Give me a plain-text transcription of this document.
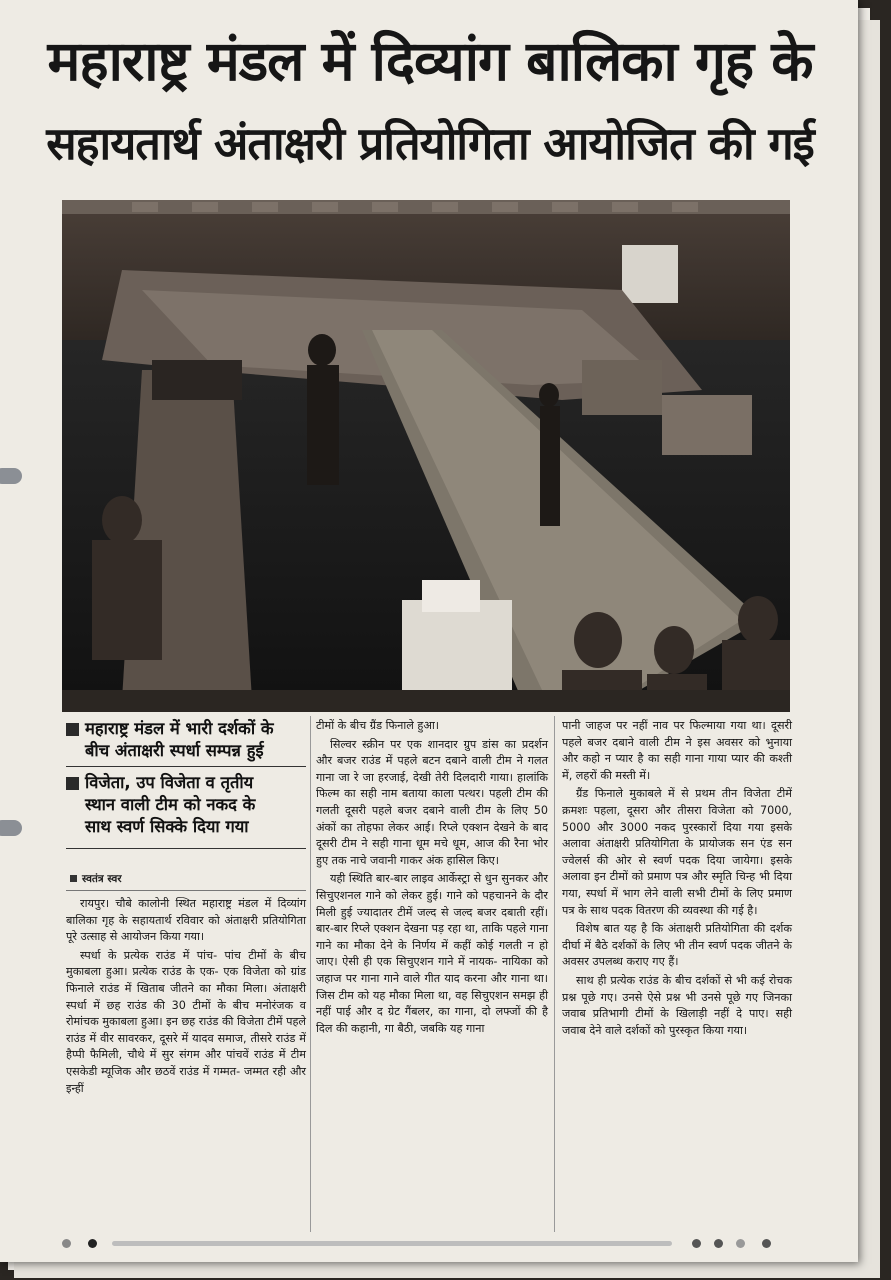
महाराष्ट्र मंडल में दिव्यांग बालिका गृह के
सहायतार्थ अंताक्षरी प्रतियोगिता आयोजित की गई
महाराष्ट्र मंडल में भारी दर्शकों के
बीच अंताक्षरी स्पर्धा सम्पन्न हुई
विजेता, उप विजेता व तृतीय
स्थान वाली टीम को नकद के
साथ स्वर्ण सिक्के दिया गया
स्वतंत्र स्वर

रायपुर। चौबे कालोनी स्थित महाराष्ट्र मंडल में दिव्यांग बालिका गृह के सहायतार्थ रविवार को अंताक्षरी प्रतियोगिता पूरे उत्साह से आयोजन किया गया।

स्पर्धा के प्रत्येक राउंड में पांच- पांच टीमों के बीच मुकाबला हुआ। प्रत्येक राउंड के एक- एक विजेता को ग्रांड फिनाले राउंड में खिताब जीतने का मौका मिला। अंताक्षरी स्पर्धा में छह राउंड की 30 टीमों के बीच मनोरंजक व रोमांचक मुकाबला हुआ। इन छह राउंड की विजेता टीमें पहले राउंड में वीर सावरकर, दूसरे में यादव समाज, तीसरे राउंड में हैप्पी फैमिली, चौथे में सुर संगम और पांचवें राउंड में टीम एसकेडी म्यूजिक और छठवें राउंड में गम्मत- जम्मत रही और इन्हीं

टीमों के बीच ग्रैंड फिनाले हुआ।

सिल्वर स्क्रीन पर एक शानदार ग्रुप डांस का प्रदर्शन और बजर राउंड में पहले बटन दबाने वाली टीम ने गलत गाना जा रे जा हरजाई, देखी तेरी दिलदारी गाया। हालांकि फिल्म का सही नाम बताया काला पत्थर। पहली टीम की गलती दूसरी पहले बजर दबाने वाली टीम के लिए 50 अंकों का तोहफा लेकर आई। रिप्ले एक्शन देखने के बाद दूसरी टीम ने सही गाना धूम मचे धूम, आज की रैना भोर हुए तक नाचे जवानी गाकर अंक हासिल किए।

यही स्थिति बार-बार लाइव आर्केस्ट्रा से धुन सुनकर और सिचुएशनल गाने को लेकर हुई। गाने को पहचानने के दौर मिली हुई ज्यादातर टीमें जल्द से जल्द बजर दबाती रहीं। बार-बार रिप्ले एक्शन देखना पड़ रहा था, ताकि पहले गाना गाने का मौका देने के निर्णय में कहीं कोई गलती न हो जाए। ऐसी ही एक सिचुएशन गाने में नायक- नायिका को जहाज पर गाना गाने वाले गीत याद करना और गाना था। जिस टीम को यह मौका मिला था, वह सिचुएशन समझ ही नहीं पाई और द ग्रेट गैंबलर, का गाना, दो लफ्जों की है दिल की कहानी, गा बैठी, जबकि यह गाना

पानी जाहज पर नहीं नाव पर फिल्माया गया था। दूसरी पहले बजर दबाने वाली टीम ने इस अवसर को भुनाया और कहो न प्यार है का सही गाना गाया प्यार की कश्ती में, लहरों की मस्ती में।

ग्रैंड फिनाले मुकाबले में से प्रथम तीन विजेता टीमें क्रमशः पहला, दूसरा और तीसरा विजेता को 7000, 5000 और 3000 नकद पुरस्कारों दिया गया इसके अलावा अंताक्षरी प्रतियोगिता के प्रायोजक सन एंड सन ज्वेलर्स की ओर से स्वर्ण पदक दिया जायेगा। इसके अलावा इन टीमों को प्रमाण पत्र और स्मृति चिन्ह भी दिया गया, स्पर्धा में भाग लेने वाली सभी टीमों के लिए प्रमाण पत्र के साथ पदक वितरण की व्यवस्था की गई है।

विशेष बात यह है कि अंताक्षरी प्रतियोगिता की दर्शक दीर्घा में बैठे दर्शकों के लिए भी तीन स्वर्ण पदक जीतने के अवसर उपलब्ध कराए गए हैं।

साथ ही प्रत्येक राउंड के बीच दर्शकों से भी कई रोचक प्रश्न पूछे गए। उनसे ऐसे प्रश्न भी उनसे पूछे गए जिनका जवाब प्रतिभागी टीमों के खिलाड़ी नहीं दे पाए। सही जवाब देने वाले दर्शकों को पुरस्कृत किया गया।
